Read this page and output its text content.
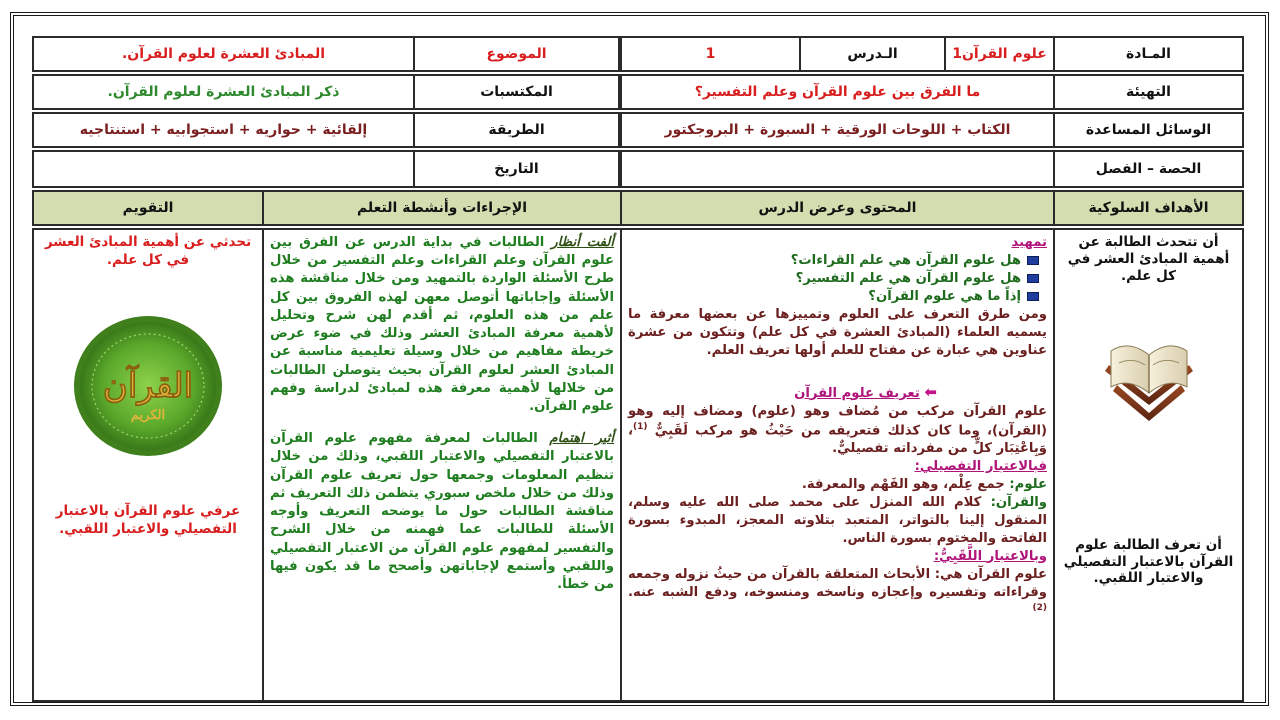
المـادة
علوم القرآن1
الـدرس
1
الموضوع
المبادئ العشرة لعلوم القرآن.
التهيئة
ما الفرق بين علوم القرآن وعلم التفسير؟
المكتسبات
ذكر المبادئ العشرة لعلوم القرآن.
الوسائل المساعدة
الكتاب + اللوحات الورقية + السبورة + البروجكتور
الطريقة
إلقائية + حواريه + استجوابيه + استنتاجيه
الحصة – الفصل
التاريخ
الأهداف السلوكية
المحتوى وعرض الدرس
الإجراءات وأنشطة التعلم
التقويم
أن تتحدث الطالبة عن أهمية المبادئ العشر في كل علم.
أن تعرف الطالبة علوم القرآن بالاعتبار التفصيلي والاعتبار اللقبي.
تمهيد
هل علوم القرآن هي علم القراءات؟
هل علوم القرآن هي علم التفسير؟
إذاً ما هي علوم القرآن؟
ومن طرق التعرف على العلوم وتمييزها عن بعضها معرفة ما يسميه العلماء (المبادئ العشرة في كل علم) وتتكون من عشرة عناوين هي عبارة عن مفتاح للعلم أولها تعريف العلم.
⬅ تعريف علوم القرآن
علوم القرآن مركب من مُضاف وهو (علوم) ومضاف إليه وهو (القرآن)، وما كان كذلك فتعريفه من حَيْثُ هو مركب لَقَبِيٌّ $^{(1)}$، وَبِاعْتِبَار كلٍّ من مفرداته تفصيليٌّ.
فبالاعتبار التفصيلي:
علوم: جمع عِلْم، وهو الفَهْم والمعرفة.
والقرآن: كلام الله المنزل على محمد صلى الله عليه وسلم، المنقول إلينا بالتواتر، المتعبد بتلاوته المعجز، المبدوء بسورة الفاتحة والمختوم بسورة الناس.
وبالاعتبار اللَّقَبِيُّ:
علوم القرآن هي: الأبحاث المتعلقة بالقرآن من حيثُ نزوله وجمعه وقراءاته وتفسيره وإعجازه وناسخه ومنسوخه، ودفع الشبه عنه. $^{(2)}$
ألفت أنظار الطالبات في بداية الدرس عن الفرق بين علوم القرآن وعلم القراءات وعلم التفسير من خلال طرح الأسئلة الواردة بالتمهيد ومن خلال مناقشة هذه الأسئلة وإجاباتها أتوصل معهن لهذه الفروق بين كل علم من هذه العلوم، ثم أقدم لهن شرح وتحليل لأهمية معرفة المبادئ العشر وذلك في ضوء عرض خريطة مفاهيم من خلال وسيلة تعليمية مناسبة عن المبادئ العشر لعلوم القرآن بحيث يتوصلن الطالبات من خلالها لأهمية معرفة هذه لمبادئ لدراسة وفهم علوم القرآن.
أثير اهتمام الطالبات لمعرفة مفهوم علوم القرآن بالاعتبار التفصيلي والاعتبار اللقبي، وذلك من خلال تنظيم المعلومات وجمعها حول تعريف علوم القرآن وذلك من خلال ملخص سبوري يتظمن ذلك التعريف ثم مناقشة الطالبات حول ما يوضحه التعريف وأوجه الأسئلة للطالبات عما فهمنه من خلال الشرح والتفسير لمفهوم علوم القرآن من الاعتبار التفصيلي واللقبي وأستمع لإجاباتهن وأصحح ما قد يكون فيها من خطأ.
تحدثي عن أهمية المبادئ العشر في كل علم.
القرآن
الكريم
عرفي علوم القرآن بالاعتبار التفصيلي والاعتبار اللقبي.
